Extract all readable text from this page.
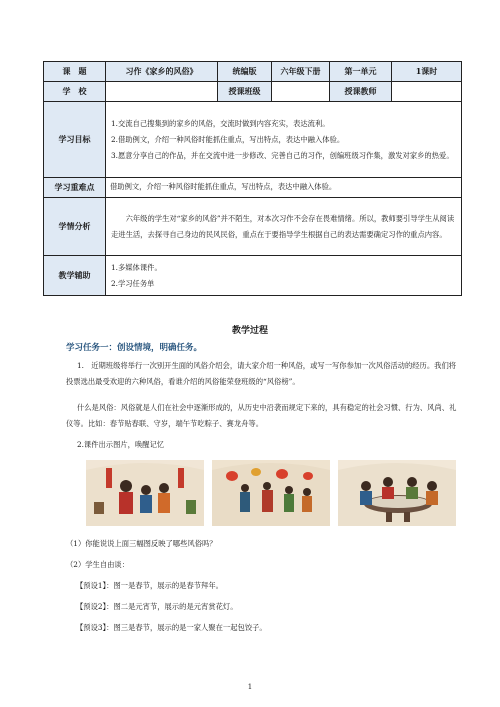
课　题	习作《家乡的风俗》	统编版	六年级下册	第一单元	1课时
学　校		授课班级		授课教师	
学习目标	1.交流自己搜集到的家乡的风俗，交流时做到内容充实，表达流利。

2.借助例文，介绍一种风俗时能抓住重点，写出特点，表达中融入体验。

3.愿意分享自己的作品，并在交流中进一步修改、完善自己的习作，创编班级习作集，激发对家乡的热爱。				

学习重难点	借助例文，介绍一种风俗时能抓住重点，写出特点，表达中融入体验。				
学情分析	六年级的学生对“家乡的风俗”并不陌生，对本次习作不会存在畏难情绪。所以，教师要引导学生从阅读走进生活，去探寻自己身边的民风民俗，重点在于要指导学生根据自己的表达需要确定习作的重点内容。				

教学辅助	1.多媒体课件。

2.学习任务单				

教学过程
学习任务一：创设情境，明确任务。
1.　近期班级将举行一次别开生面的风俗介绍会，请大家介绍一种风俗，或写一写你参加一次风俗活动的经历。我们将投票选出最受欢迎的六种风俗，看谁介绍的风俗能荣登班级的“风俗榜”。
什么是风俗：风俗就是人们在社会中逐渐形成的，从历史中沿袭而规定下来的，具有稳定的社会习惯、行为、风尚、礼仪等。比如：春节贴春联、守岁，端午节吃粽子、赛龙舟等。
2.课件出示图片，唤醒记忆
（1）你能说说上面三幅图反映了哪些风俗吗？
（2）学生自由谈：
【预设1】：图一是春节，展示的是春节拜年。
【预设2】：图二是元宵节，展示的是元宵赏花灯。
【预设3】：图三是春节，展示的是一家人聚在一起包饺子。
1
